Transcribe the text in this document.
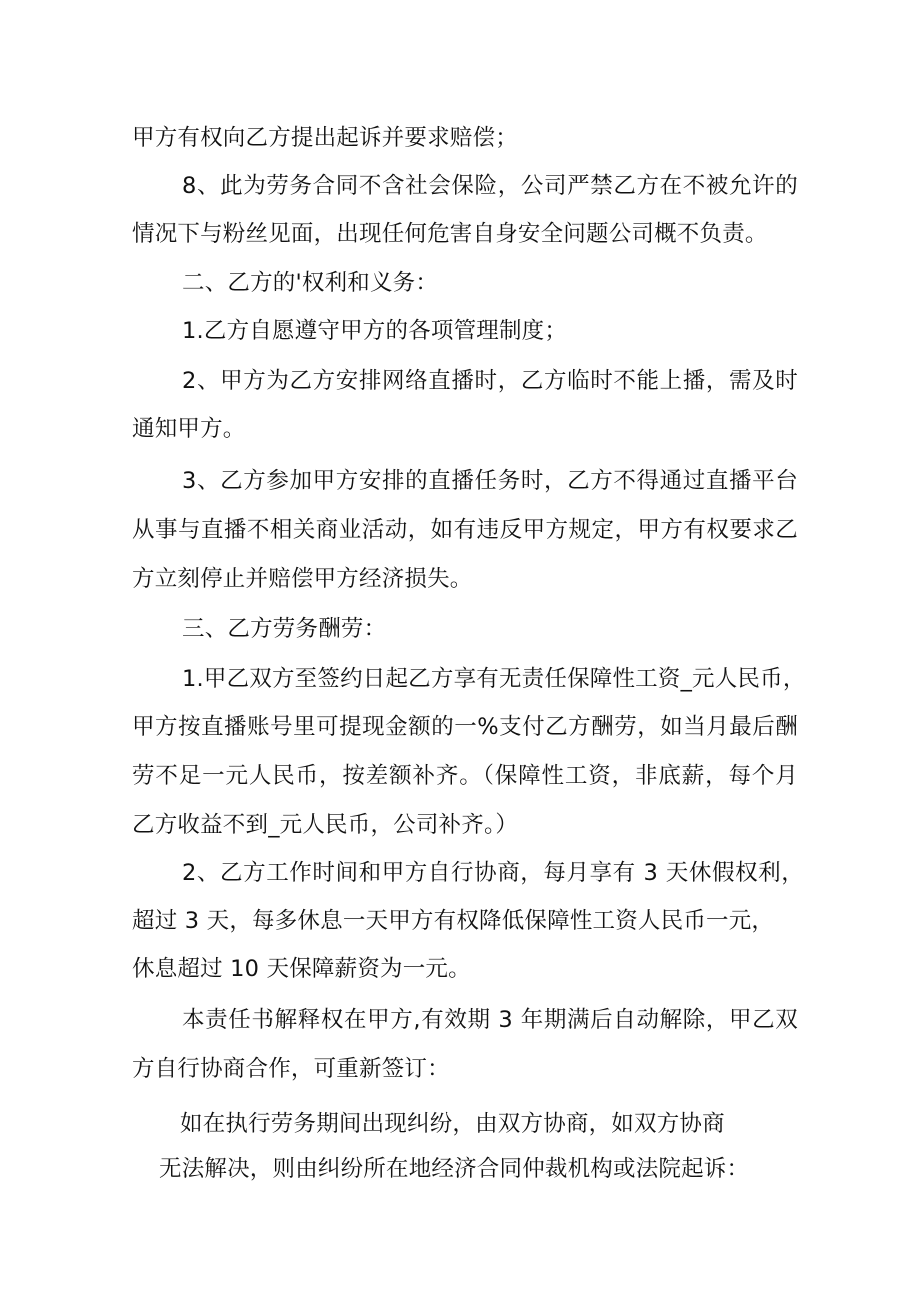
甲方有权向乙方提出起诉并要求赔偿；
8、此为劳务合同不含社会保险，公司严禁乙方在不被允许的
情况下与粉丝见面，出现任何危害自身安全问题公司概不负责。
二、乙方的'权利和义务：
1.乙方自愿遵守甲方的各项管理制度；
2、甲方为乙方安排网络直播时，乙方临时不能上播，需及时
通知甲方。
3、乙方参加甲方安排的直播任务时，乙方不得通过直播平台
从事与直播不相关商业活动，如有违反甲方规定，甲方有权要求乙
方立刻停止并赔偿甲方经济损失。
三、乙方劳务酬劳：
1.甲乙双方至签约日起乙方享有无责任保障性工资_元人民币，
甲方按直播账号里可提现金额的一%支付乙方酬劳，如当月最后酬
劳不足一元人民币，按差额补齐。（保障性工资，非底薪，每个月
乙方收益不到_元人民币，公司补齐。）
2、乙方工作时间和甲方自行协商，每月享有 3 天休假权利，
超过 3 天，每多休息一天甲方有权降低保障性工资人民币一元，
休息超过 10 天保障薪资为一元。
本责任书解释权在甲方,有效期 3 年期满后自动解除，甲乙双
方自行协商合作，可重新签订：
如在执行劳务期间出现纠纷，由双方协商，如双方协商
无法解决，则由纠纷所在地经济合同仲裁机构或法院起诉：
